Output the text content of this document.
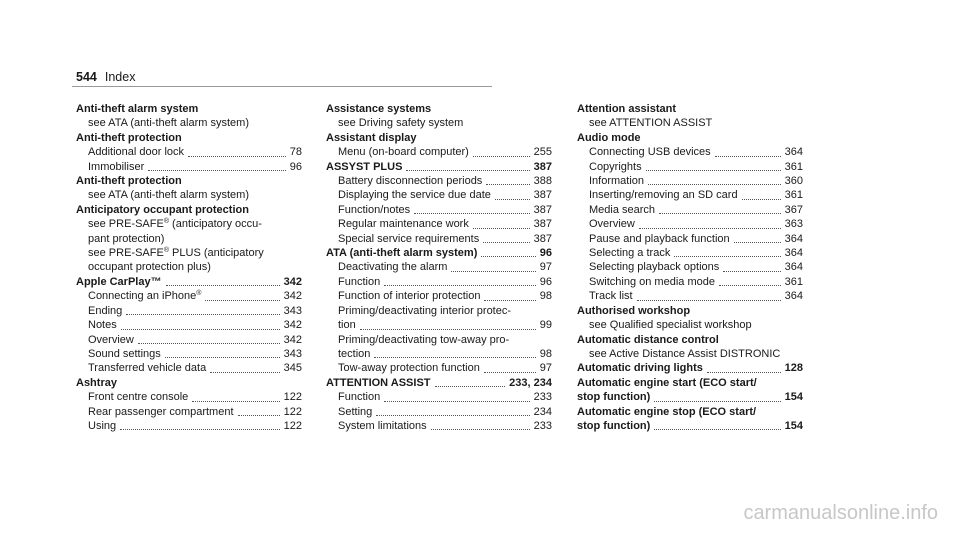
544 Index
Anti-theft alarm system
see ATA (anti-theft alarm system)
Anti-theft protection
Additional door lock	78
Immobiliser	96
Anti-theft protection
see ATA (anti-theft alarm system)
Anticipatory occupant protection
see PRE-SAFE® (anticipatory occu-
pant protection)
see PRE-SAFE® PLUS (anticipatory
occupant protection plus)
Apple CarPlay™	342
Connecting an iPhone®	342
Ending	343
Notes	342
Overview	342
Sound settings	343
Transferred vehicle data	345
Ashtray
Front centre console	122
Rear passenger compartment	122
Using	122
Assistance systems
see Driving safety system
Assistant display
Menu (on-board computer)	255
ASSYST PLUS	387
Battery disconnection periods	388
Displaying the service due date	387
Function/notes	387
Regular maintenance work	387
Special service requirements	387
ATA (anti-theft alarm system)	96
Deactivating the alarm	97
Function	96
Function of interior protection	98
Priming/deactivating interior protec-
tion	99
Priming/deactivating tow-away pro-
tection	98
Tow-away protection function	97
ATTENTION ASSIST	233, 234
Function	233
Setting	234
System limitations	233
Attention assistant
see ATTENTION ASSIST
Audio mode
Connecting USB devices	364
Copyrights	361
Information	360
Inserting/removing an SD card	361
Media search	367
Overview	363
Pause and playback function	364
Selecting a track	364
Selecting playback options	364
Switching on media mode	361
Track list	364
Authorised workshop
see Qualified specialist workshop
Automatic distance control
see Active Distance Assist DISTRONIC
Automatic driving lights	128
Automatic engine start (ECO start/
stop function)	154
Automatic engine stop (ECO start/
stop function)	154
carmanualsonline.info
